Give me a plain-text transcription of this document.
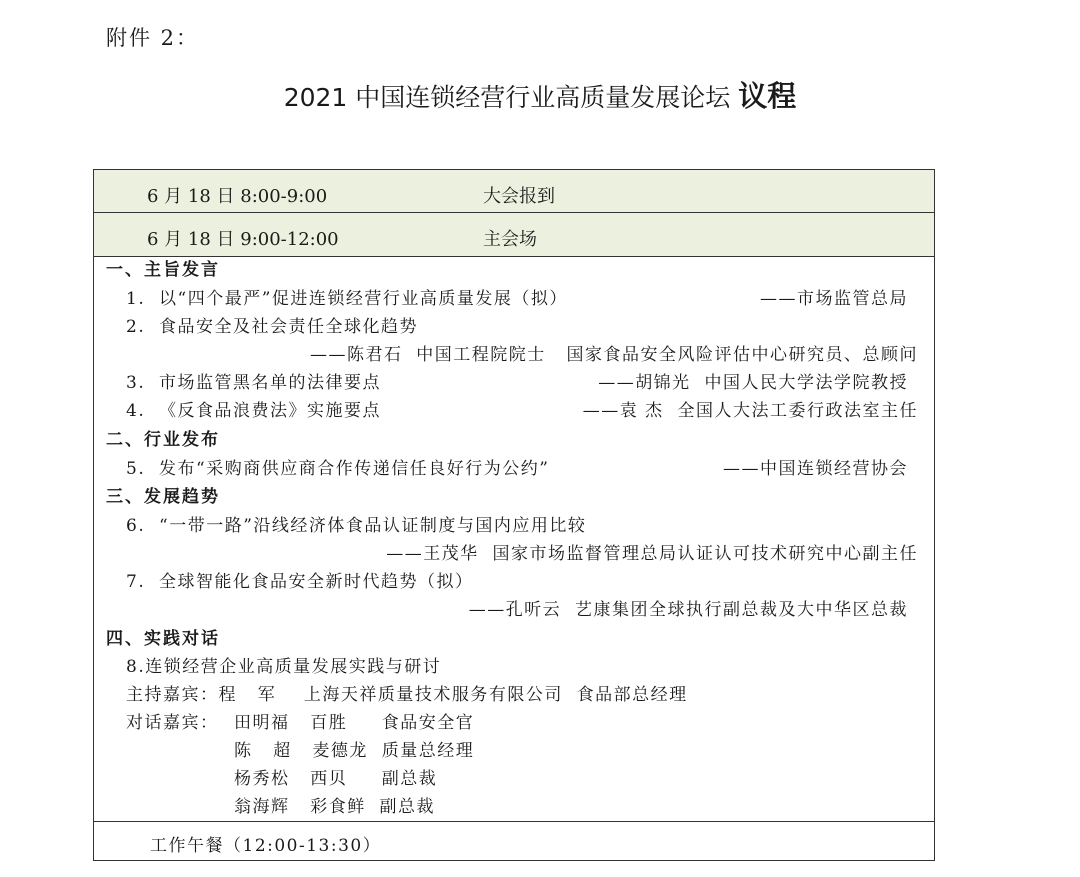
附件 2：
2021 中国连锁经营行业高质量发展论坛 议程
6 月 18 日 8:00-9:00	大会报到
6 月 18 日 9:00-12:00	主会场
一、主旨发言
1.  以“四个最严”促进连锁经营行业高质量发展（拟）	——市场监管总局
2.  食品安全及社会责任全球化趋势
——陈君石  中国工程院院士   国家食品安全风险评估中心研究员、总顾问
3.  市场监管黑名单的法律要点	——胡锦光  中国人民大学法学院教授
4.  《反食品浪费法》实施要点	——袁 杰  全国人大法工委行政法室主任
二、行业发布
5.  发布“采购商供应商合作传递信任良好行为公约”	——中国连锁经营协会
三、发展趋势
6.  “一带一路”沿线经济体食品认证制度与国内应用比较
——王茂华  国家市场监督管理总局认证认可技术研究中心副主任
7.  全球智能化食品安全新时代趋势（拟）
——孔听云  艺康集团全球执行副总裁及大中华区总裁
四、实践对话
8.连锁经营企业高质量发展实践与研讨
主持嘉宾：程   军    上海天祥质量技术服务有限公司  食品部总经理
对话嘉宾： 田明福   百胜     食品安全官
陈   超   麦德龙  质量总经理
杨秀松   西贝     副总裁
翁海辉   彩食鲜  副总裁
工作午餐（12:00-13:30）
